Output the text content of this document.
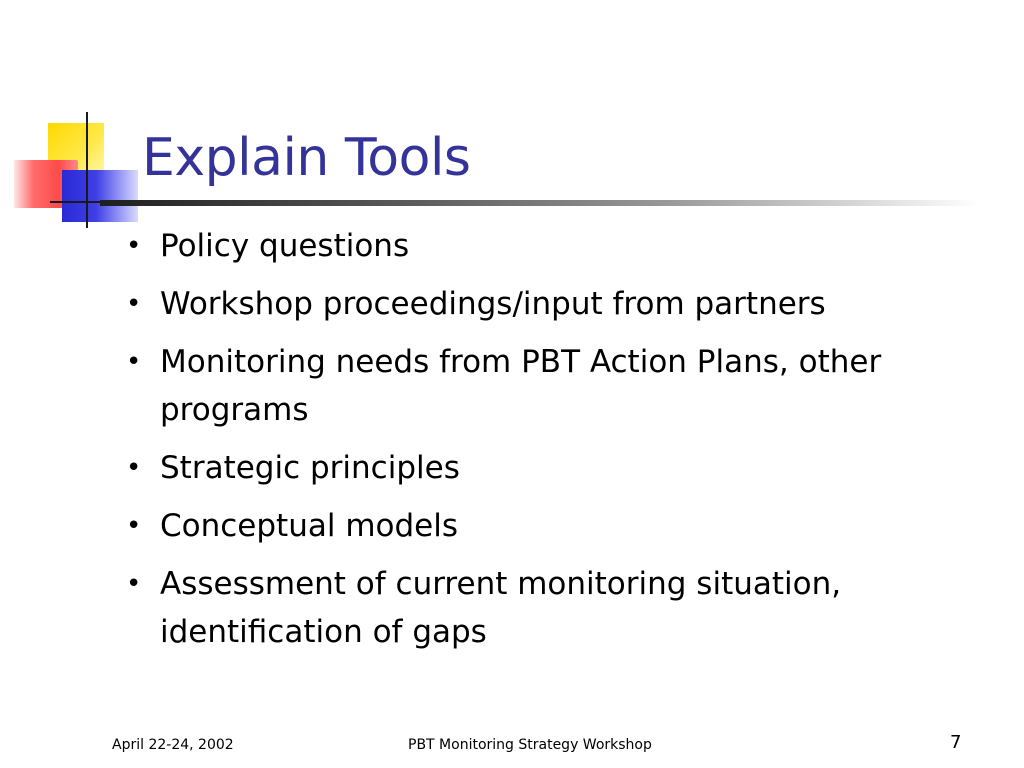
Explain Tools
• Policy questions
• Workshop proceedings/input from partners
• Monitoring needs from PBT Action Plans, other programs
• Strategic principles
• Conceptual models
• Assessment of current monitoring situation, identification of gaps
April 22-24, 2002	PBT Monitoring Strategy Workshop	7
